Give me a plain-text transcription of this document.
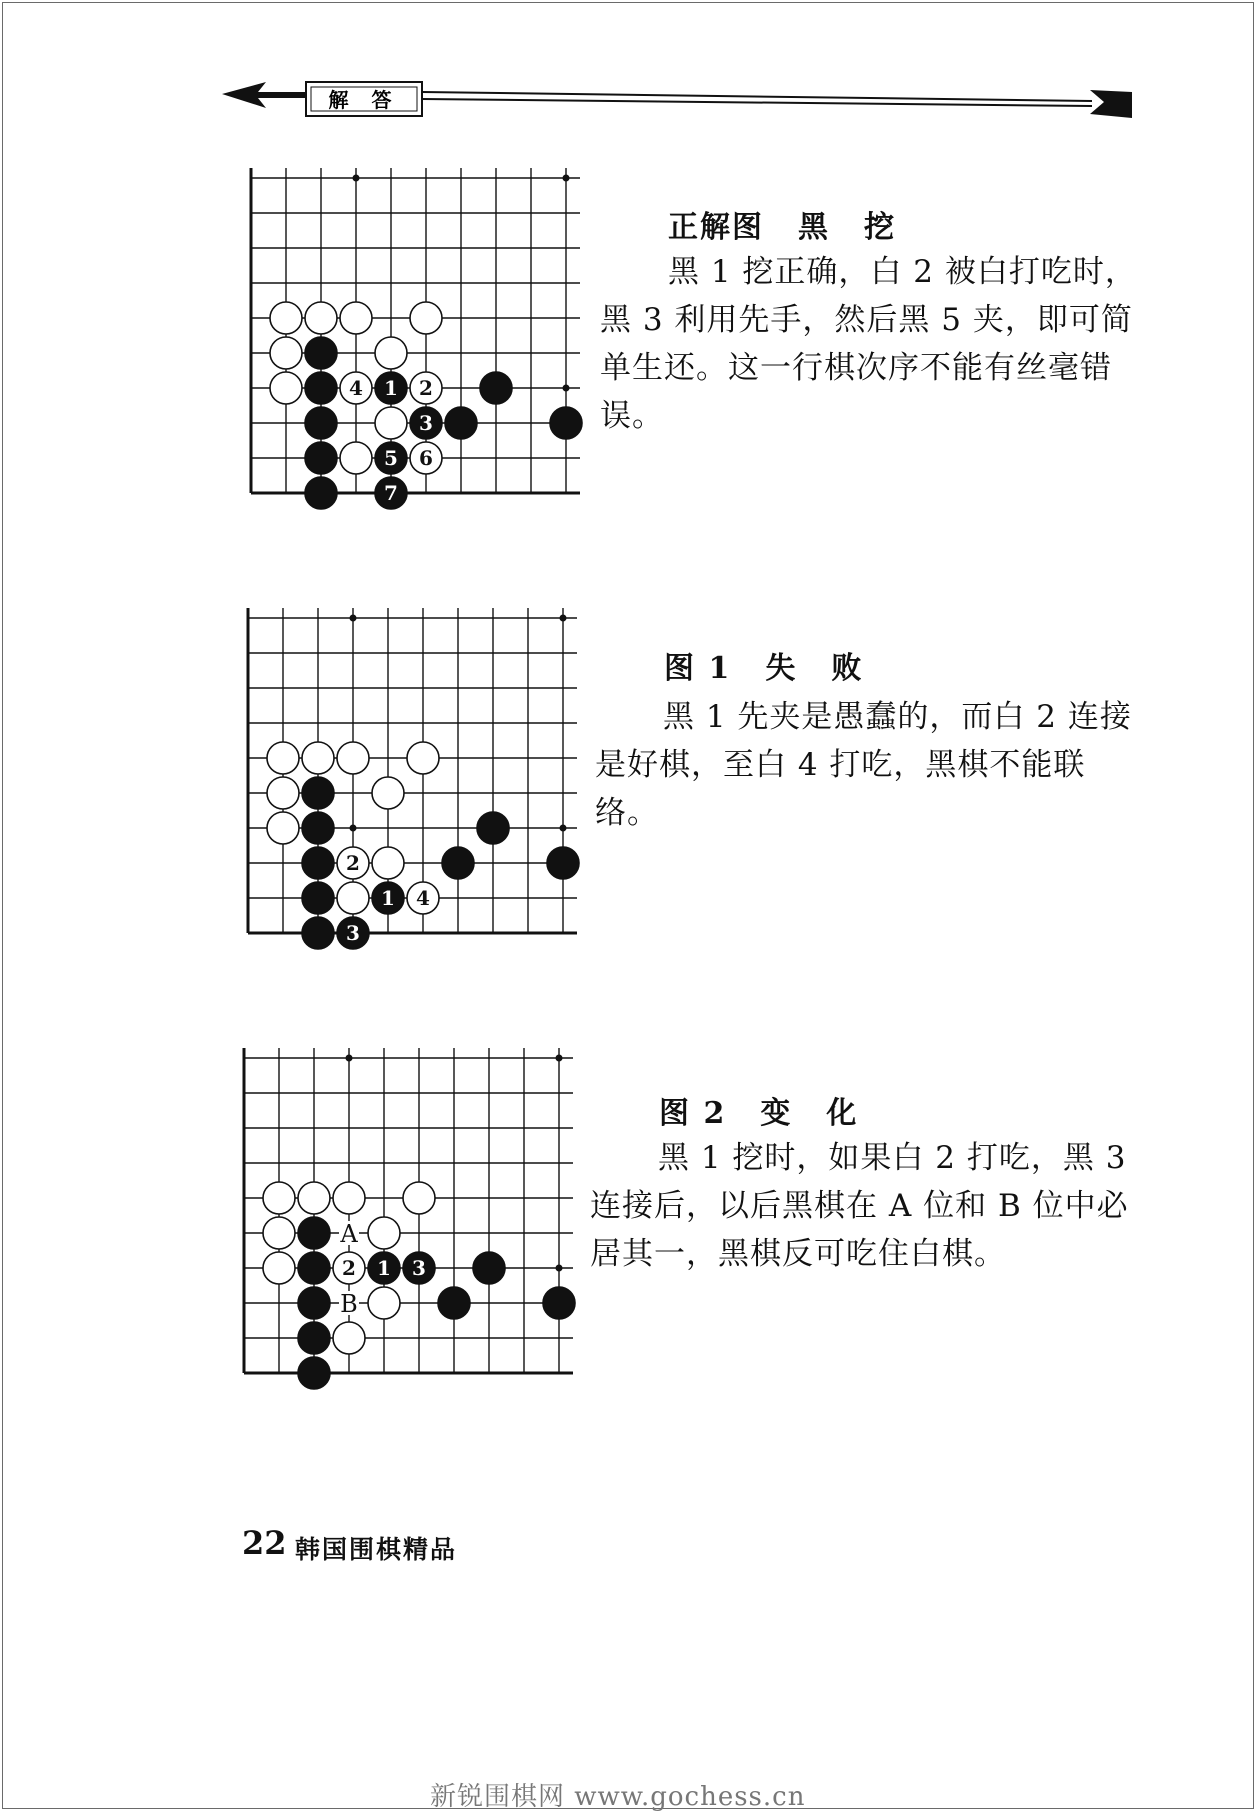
解 答
4 1 2
3
5 6
7
2
1 4
3
2 1 3
A
B
正解图 黑 挖
黑 1 挖正确，白 2 被白打吃时，黑 3 利用先手，然后黑 5 夹，即可简单生还。这一行棋次序不能有丝毫错误。
图 1 失 败
黑 1 先夹是愚蠢的，而白 2 连接是好棋，至白 4 打吃，黑棋不能联络。
图 2 变 化
黑 1 挖时，如果白 2 打吃，黑 3 连接后，以后黑棋在 A 位和 B 位中必居其一，黑棋反可吃住白棋。
22 韩国围棋精品
新锐围棋网 www.gochess.cn
